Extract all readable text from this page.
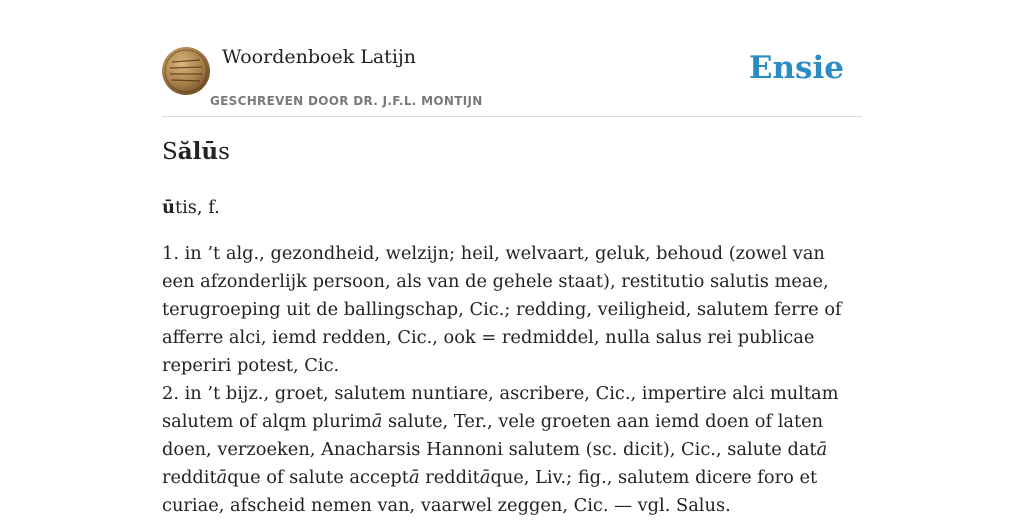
Woordenboek Latijn
GESCHREVEN DOOR DR. J.F.L. MONTIJN
Ensie
Sălūs

ūtis, f.

1. in ’t alg., gezondheid, welzijn; heil, welvaart, geluk, behoud (zowel van een afzonderlijk persoon, als van de gehele staat), restitutio salutis meae, terugroeping uit de ballingschap, Cic.; redding, veiligheid, salutem ferre of afferre alci, iemd redden, Cic., ook = redmiddel, nulla salus rei publicae reperiri potest, Cic.

2. in ’t bijz., groet, salutem nuntiare, ascribere, Cic., impertire alci multam salutem of alqm plurimā salute, Ter., vele groeten aan iemd doen of laten doen, verzoeken, Anacharsis Hannoni salutem (sc. dicit), Cic., salute datā redditāque of salute acceptā redditāque, Liv.; fig., salutem dicere foro et curiae, afscheid nemen van, vaarwel zeggen, Cic. — vgl. Salus.
